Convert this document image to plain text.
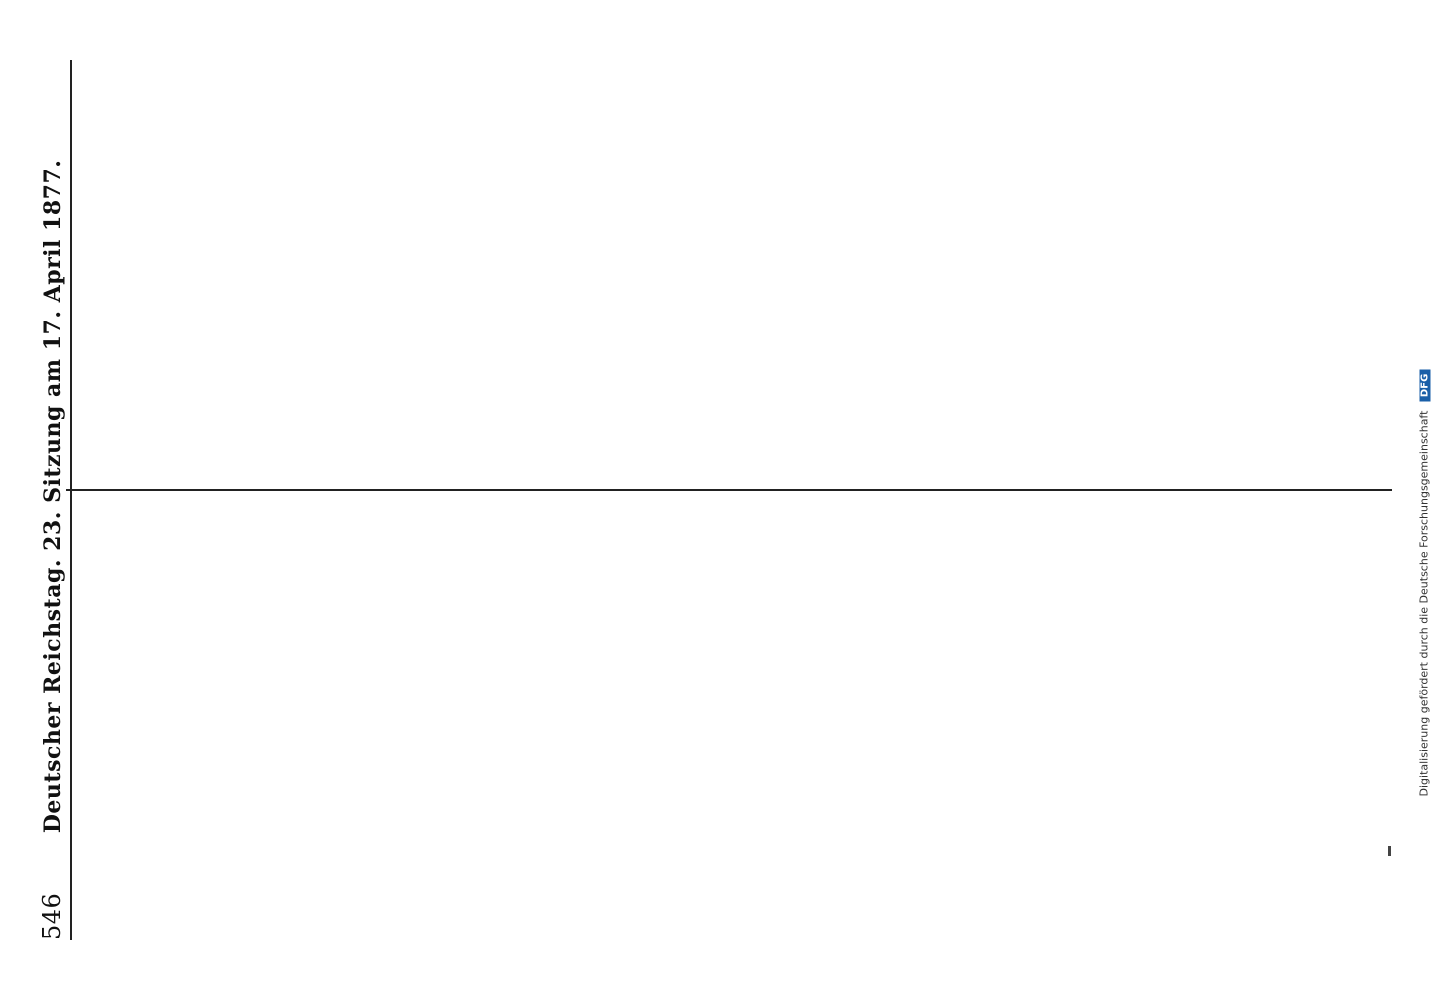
546
Deutscher Reichstag. 23. Sitzung am 17. April 1877.	Digitalisierung gefördert durch die Deutsche Forschungsgemeinschaft DFG
